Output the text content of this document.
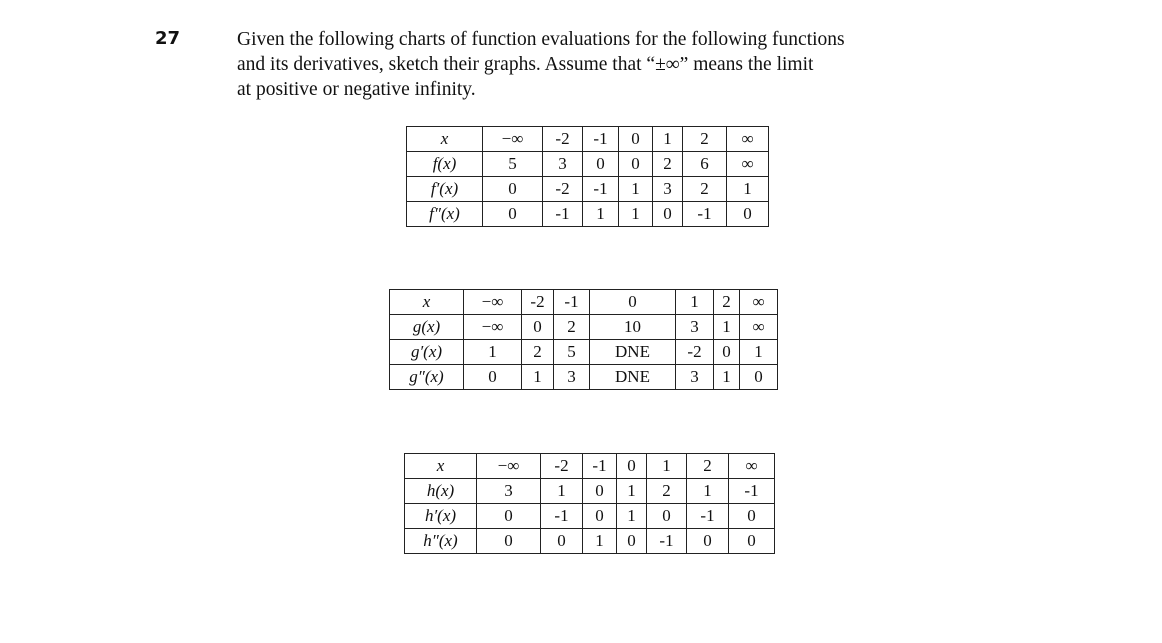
27	Given the following charts of function evaluations for the following functions
and its derivatives, sketch their graphs. Assume that “±∞” means the limit
at positive or negative infinity.
x	−∞	-2	-1	0	1	2	∞
f(x)	5	3	0	0	2	6	∞
f′(x)	0	-2	-1	1	3	2	1
f″(x)	0	-1	1	1	0	-1	0
x	−∞	-2	-1	0	1	2	∞
g(x)	−∞	0	2	10	3	1	∞
g′(x)	1	2	5	DNE	-2	0	1
g″(x)	0	1	3	DNE	3	1	0
x	−∞	-2	-1	0	1	2	∞
h(x)	3	1	0	1	2	1	-1
h′(x)	0	-1	0	1	0	-1	0
h″(x)	0	0	1	0	-1	0	0
